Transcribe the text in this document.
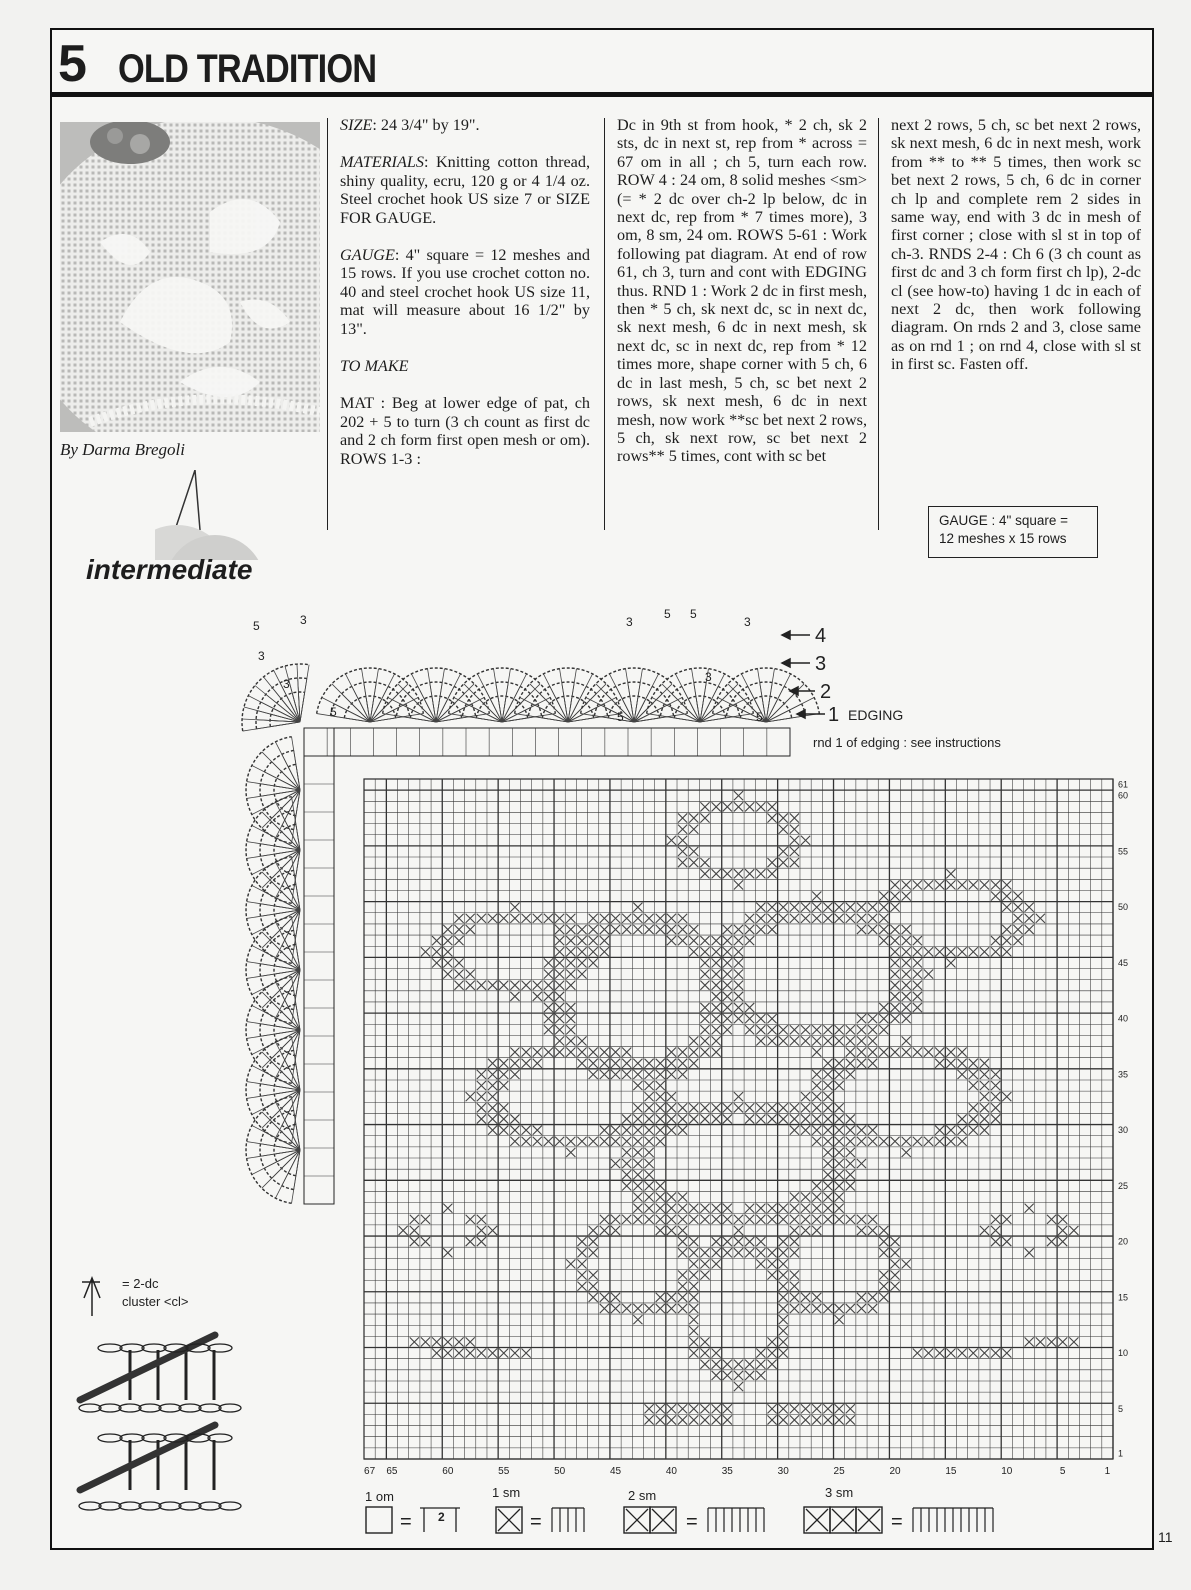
5 OLD TRADITION
By Darma Bregoli
intermediate

SIZE: 24 3/4" by 19".

MATERIALS: Knitting cotton thread, shiny quality, ecru, 120 g or 4 1/4 oz. Steel crochet hook US size 7 or SIZE FOR GAUGE.

GAUGE: 4" square = 12 meshes and 15 rows. If you use crochet cotton no. 40 and steel crochet hook US size 11, mat will measure about 16 1/2" by 13".

TO MAKE

MAT : Beg at lower edge of pat, ch 202 + 5 to turn (3 ch count as first dc and 2 ch form first open mesh or om). ROWS 1-3 :

Dc in 9th st from hook, * 2 ch, sk 2 sts, dc in next st, rep from * across = 67 om in all ; ch 5, turn each row. ROW 4 : 24 om, 8 solid meshes <sm> (= * 2 dc over ch-2 lp below, dc in next dc, rep from * 7 times more), 3 om, 8 sm, 24 om. ROWS 5-61 : Work following pat diagram. At end of row 61, ch 3, turn and cont with EDGING thus. RND 1 : Work 2 dc in first mesh, then * 5 ch, sk next dc, sc in next dc, sk next mesh, 6 dc in next mesh, sk next dc, sc in next dc, rep from * 12 times more, shape corner with 5 ch, 6 dc in last mesh, 5 ch, sc bet next 2 rows, sk next mesh, 6 dc in next mesh, now work **sc bet next 2 rows, 5 ch, sk next row, sc bet next 2 rows** 5 times, cont with sc bet

next 2 rows, 5 ch, sc bet next 2 rows, sk next mesh, 6 dc in next mesh, work from ** to ** 5 times, then work sc bet next 2 rows, 5 ch, 6 dc in corner ch lp and complete rem 2 sides in same way, end with 3 dc in mesh of first corner ; close with sl st in top of ch-3. RNDS 2-4 : Ch 6 (3 ch count as first dc and 3 ch form first ch lp), 2-dc cl (see how-to) having 1 dc in each of next 2 dc, then work following diagram. On rnds 2 and 3, close same as on rnd 1 ; on rnd 4, close with sl st in first sc. Fasten off.

GAUGE : 4" square =
12 meshes x 15 rows
4
3
2
1 EDGING
rnd 1 of edging : see instructions
3
5
3
3
5
3
5
3
5
3
5	5
67 65	60	55	50	45	40	35	30	25	20	15	10	5	1
61
60
55
50
45
40
35
30
25
20
15
10
5
1
= 2-dc
cluster <cl>
1 om	1 sm	2 sm	3 sm
2
=	=	=	=
11
